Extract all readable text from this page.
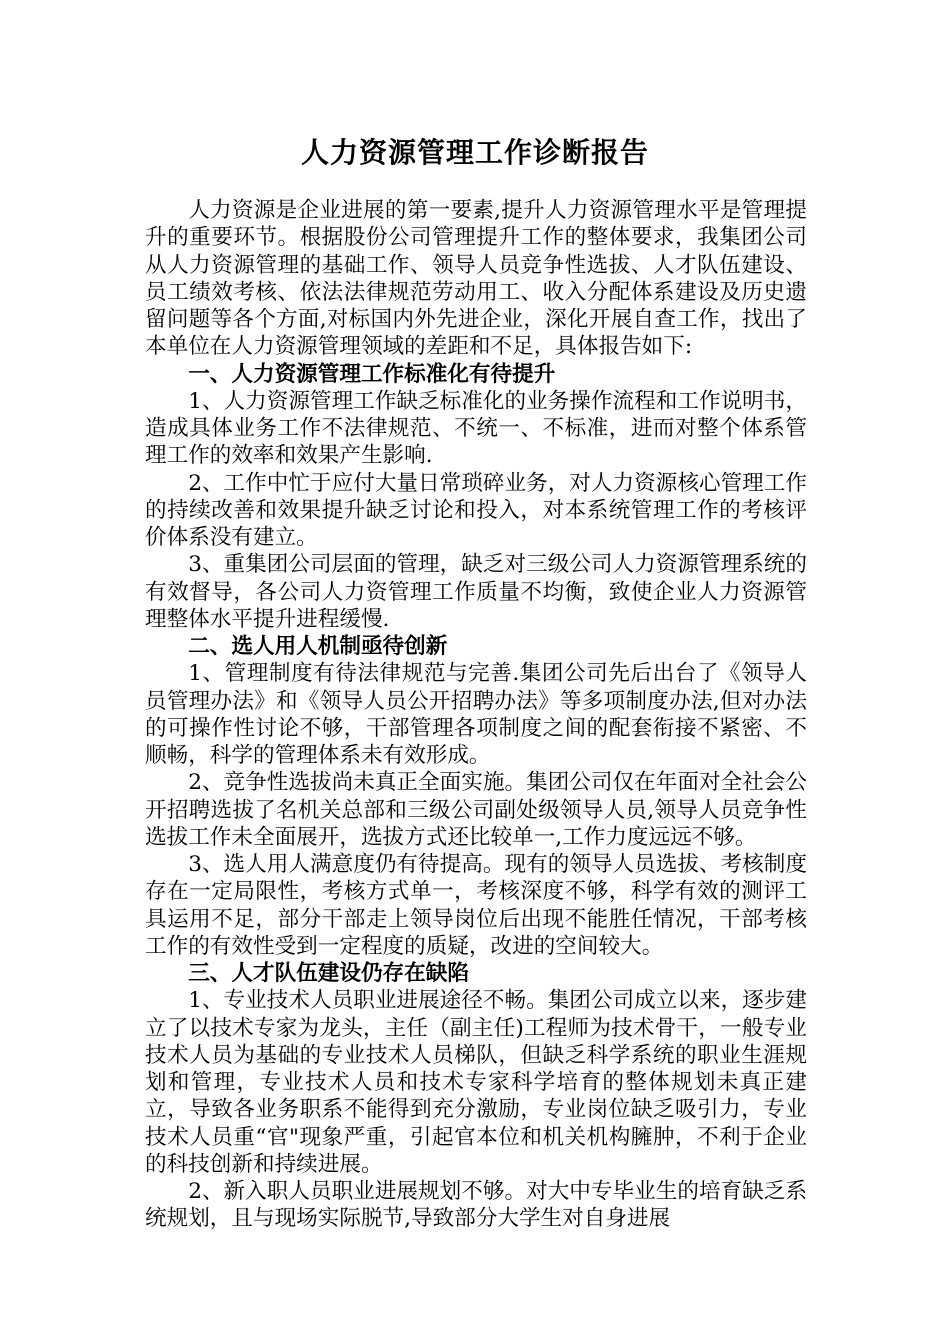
人力资源管理工作诊断报告

人力资源是企业进展的第一要素,提升人力资源管理水平是管理提升的重要环节。根据股份公司管理提升工作的整体要求，我集团公司从人力资源管理的基础工作、领导人员竞争性选拔、人才队伍建设、员工绩效考核、依法法律规范劳动用工、收入分配体系建设及历史遗留问题等各个方面,对标国内外先进企业，深化开展自查工作，找出了本单位在人力资源管理领域的差距和不足，具体报告如下:

一、人力资源管理工作标准化有待提升

1、人力资源管理工作缺乏标准化的业务操作流程和工作说明书，造成具体业务工作不法律规范、不统一、不标准，进而对整个体系管理工作的效率和效果产生影响.

2、工作中忙于应付大量日常琐碎业务，对人力资源核心管理工作的持续改善和效果提升缺乏讨论和投入，对本系统管理工作的考核评价体系没有建立。

3、重集团公司层面的管理，缺乏对三级公司人力资源管理系统的有效督导，各公司人力资管理工作质量不均衡，致使企业人力资源管理整体水平提升进程缓慢.

二、选人用人机制亟待创新

1、管理制度有待法律规范与完善.集团公司先后出台了《领导人员管理办法》和《领导人员公开招聘办法》等多项制度办法,但对办法的可操作性讨论不够，干部管理各项制度之间的配套衔接不紧密、不顺畅，科学的管理体系未有效形成。

2、竞争性选拔尚未真正全面实施。集团公司仅在年面对全社会公开招聘选拔了名机关总部和三级公司副处级领导人员,领导人员竞争性选拔工作未全面展开，选拔方式还比较单一,工作力度远远不够。

3、选人用人满意度仍有待提高。现有的领导人员选拔、考核制度存在一定局限性，考核方式单一，考核深度不够，科学有效的测评工具运用不足，部分干部走上领导岗位后出现不能胜任情况，干部考核工作的有效性受到一定程度的质疑，改进的空间较大。

三、人才队伍建设仍存在缺陷

1、专业技术人员职业进展途径不畅。集团公司成立以来，逐步建立了以技术专家为龙头，主任（副主任)工程师为技术骨干，一般专业技术人员为基础的专业技术人员梯队，但缺乏科学系统的职业生涯规划和管理，专业技术人员和技术专家科学培育的整体规划未真正建立，导致各业务职系不能得到充分激励，专业岗位缺乏吸引力，专业技术人员重“官"现象严重，引起官本位和机关机构臃肿，不利于企业的科技创新和持续进展。

2、新入职人员职业进展规划不够。对大中专毕业生的培育缺乏系统规划，且与现场实际脱节,导致部分大学生对自身进展
